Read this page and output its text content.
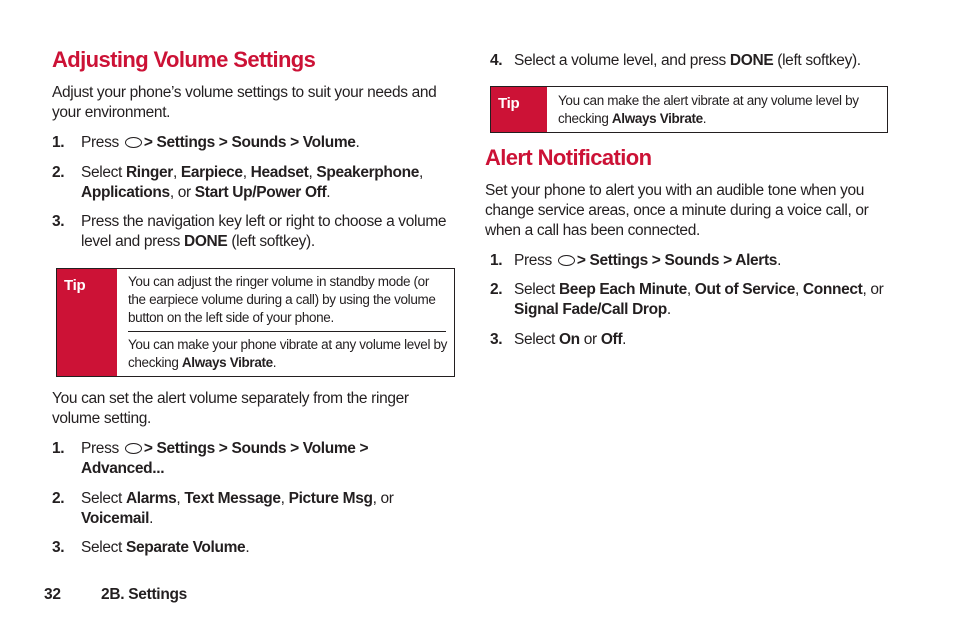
Adjusting Volume Settings

Adjust your phone’s volume settings to suit your needs and your environment.

1.	Press > Settings > Sounds > Volume.
2.	Select Ringer, Earpiece, Headset, Speakerphone, Applications, or Start Up/Power Off.
3.	Press the navigation key left or right to choose a volume level and press DONE (left softkey).
Tip	You can adjust the ringer volume in standby mode (or the earpiece volume during a call) by using the volume button on the left side of your phone.
You can make your phone vibrate at any volume level by checking Always Vibrate.

You can set the alert volume separately from the ringer volume setting.

1.	Press > Settings > Sounds > Volume > Advanced...
2.	Select Alarms, Text Message, Picture Msg, or Voicemail.
3.	Select Separate Volume.
4. Select a volume level, and press DONE (left softkey).
Tip	You can make the alert vibrate at any volume level by checking Always Vibrate.
Alert Notification

Set your phone to alert you with an audible tone when you change service areas, once a minute during a voice call, or when a call has been connected.

1. Press > Settings > Sounds > Alerts.
2. Select Beep Each Minute, Out of Service, Connect, or Signal Fade/Call Drop.
3. Select On or Off.
32	2B. Settings
